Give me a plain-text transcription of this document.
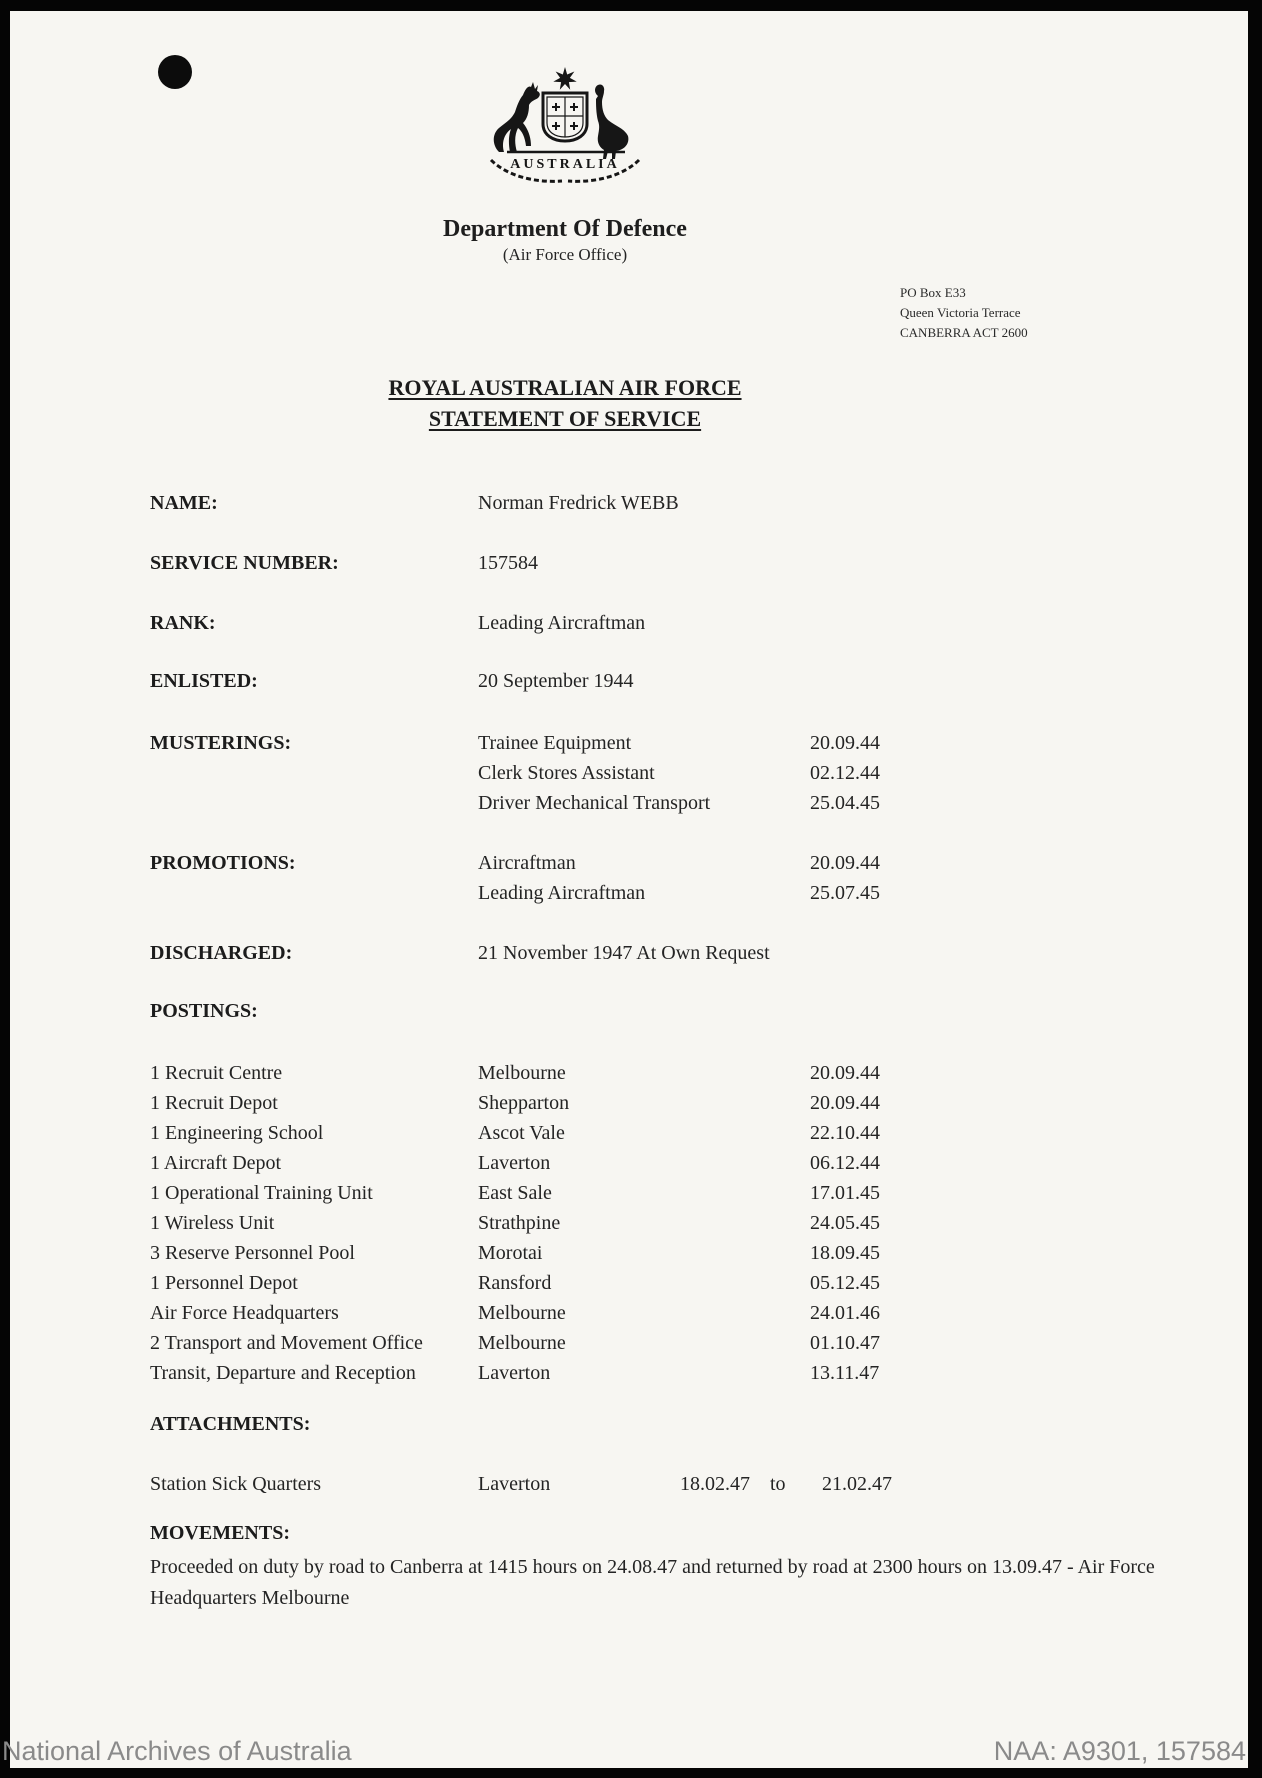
AUSTRALIA
Department Of Defence
(Air Force Office)
PO Box E33
Queen Victoria Terrace
CANBERRA ACT 2600
ROYAL AUSTRALIAN AIR FORCE
STATEMENT OF SERVICE
NAME:	Norman Fredrick WEBB
SERVICE NUMBER:	157584
RANK:	Leading Aircraftman
ENLISTED:	20 September 1944
MUSTERINGS:	Trainee Equipment	20.09.44
Clerk Stores Assistant	02.12.44
Driver Mechanical Transport	25.04.45
PROMOTIONS:	Aircraftman	20.09.44
Leading Aircraftman	25.07.45
DISCHARGED:	21 November 1947 At Own Request
POSTINGS:
1 Recruit Centre	Melbourne	20.09.44
1 Recruit Depot	Shepparton	20.09.44
1 Engineering School	Ascot Vale	22.10.44
1 Aircraft Depot	Laverton	06.12.44
1 Operational Training Unit	East Sale	17.01.45
1 Wireless Unit	Strathpine	24.05.45
3 Reserve Personnel Pool	Morotai	18.09.45
1 Personnel Depot	Ransford	05.12.45
Air Force Headquarters	Melbourne	24.01.46
2 Transport and Movement Office	Melbourne	01.10.47
Transit, Departure and Reception	Laverton	13.11.47
ATTACHMENTS:
Station Sick Quarters	Laverton	18.02.47 to 21.02.47
MOVEMENTS:
Proceeded on duty by road to Canberra at 1415 hours on 24.08.47 and returned by road at 2300 hours on 13.09.47 - Air Force Headquarters Melbourne
National Archives of Australia	NAA: A9301, 157584
